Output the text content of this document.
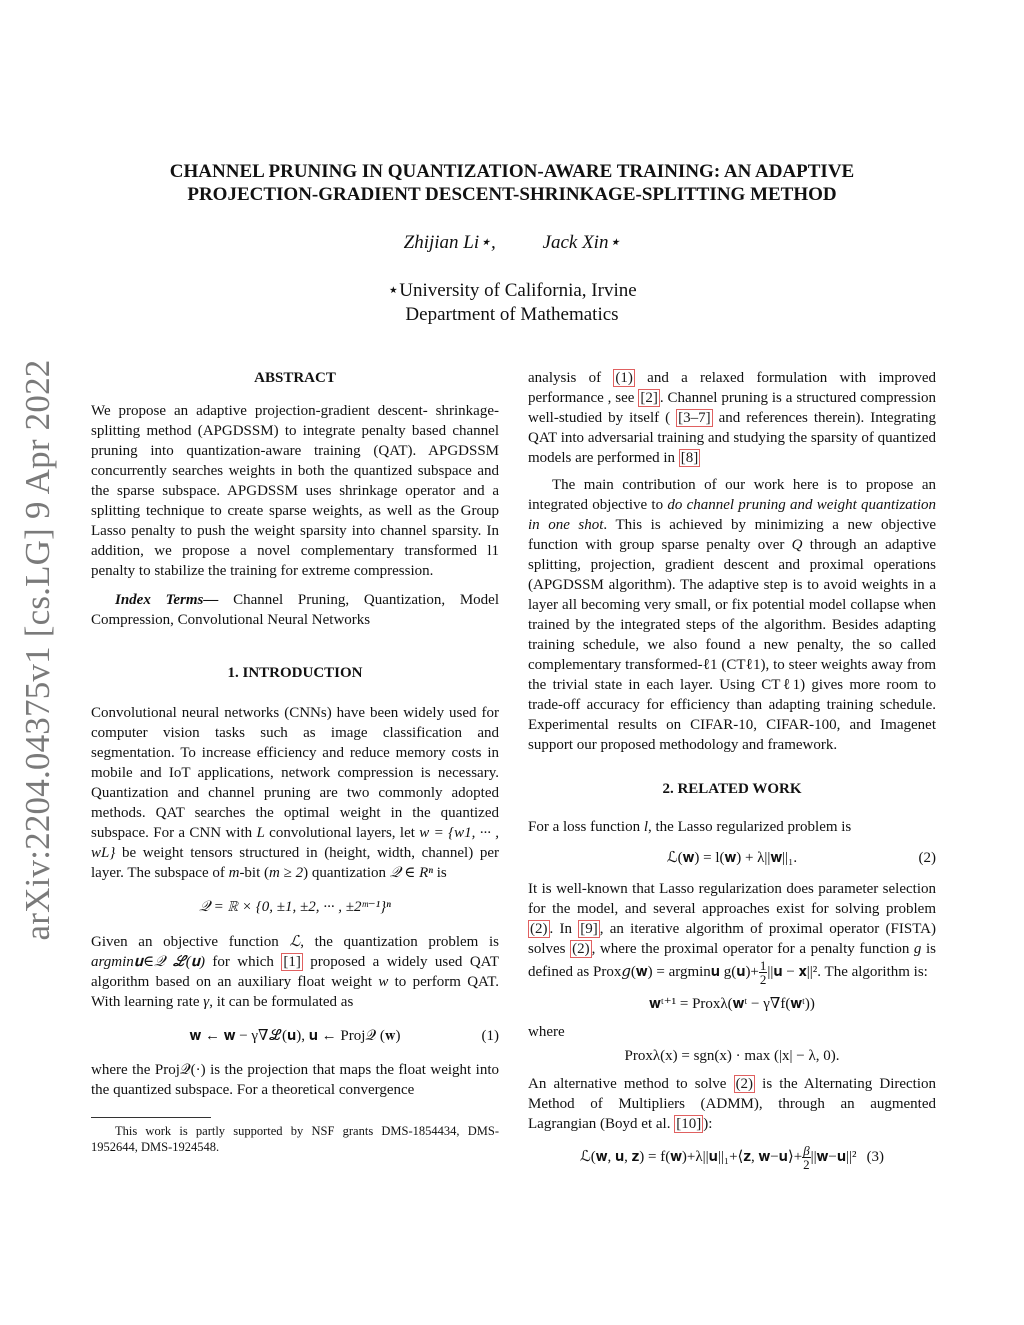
arXiv:2204.04375v1 [cs.LG] 9 Apr 2022
CHANNEL PRUNING IN QUANTIZATION-AWARE TRAINING: AN ADAPTIVE
PROJECTION-GRADIENT DESCENT-SHRINKAGE-SPLITTING METHOD
Zhijian Li⋆, Jack Xin⋆
⋆University of California, Irvine
Department of Mathematics
ABSTRACT

We propose an adaptive projection-gradient descent- shrinkage-splitting method (APGDSSM) to integrate penalty based channel pruning into quantization-aware training (QAT). APGDSSM concurrently searches weights in both the quantized subspace and the sparse subspace. APGDSSM uses shrinkage operator and a splitting technique to create sparse weights, as well as the Group Lasso penalty to push the weight sparsity into channel sparsity. In addition, we propose a novel complementary transformed l1 penalty to stabilize the training for extreme compression.

Index Terms— Channel Pruning, Quantization, Model Compression, Convolutional Neural Networks

1. INTRODUCTION

Convolutional neural networks (CNNs) have been widely used for computer vision tasks such as image classification and segmentation. To increase efficiency and reduce memory costs in mobile and IoT applications, network compression is necessary. Quantization and channel pruning are two commonly adopted methods. QAT searches the optimal weight in the quantized subspace. For a CNN with L convolutional layers, let w = {w1, ··· , wL} be weight tensors structured in (height, width, channel) per layer. The subspace of m-bit (m ≥ 2) quantization 𝒬 ∈ Rⁿ is

𝒬 = ℝ × {0, ±1, ±2, ··· , ±2ᵐ⁻¹}ⁿ

Given an objective function ℒ, the quantization problem is argmin𝐮∈𝒬 ℒ(𝐮) for which [1] proposed a widely used QAT algorithm based on an auxiliary float weight w to perform QAT. With learning rate γ, it can be formulated as

𝐰 ← 𝐰 − γ∇ℒ(𝐮), 𝐮 ← Proj𝒬 (𝐰)	(1)

where the Proj𝒬(·) is the projection that maps the float weight into the quantized subspace. For a theoretical convergence

This work is partly supported by NSF grants DMS-1854434, DMS-1952644, DMS-1924548.

analysis of (1) and a relaxed formulation with improved performance , see [2] . Channel pruning is a structured compression well-studied by itself ( [3–7] and references therein). Integrating QAT into adversarial training and studying the sparsity of quantized models are performed in [8]

The main contribution of our work here is to propose an integrated objective to do channel pruning and weight quantization in one shot. This is achieved by minimizing a new objective function with group sparse penalty over Q through an adaptive splitting, projection, gradient descent and proximal operations (APGDSSM algorithm). The adaptive step is to avoid weights in a layer all becoming very small, or fix potential model collapse when trained by the integrated steps of the algorithm. Besides adapting training schedule, we also found a new penalty, the so called complementary transformed-ℓ1 (CTℓ1), to steer weights away from the trivial state in each layer. Using CTℓ1) gives more room to trade-off accuracy for efficiency than adapting training schedule. Experimental results on CIFAR-10, CIFAR-100, and Imagenet support our proposed methodology and framework.

2. RELATED WORK

For a loss function l, the Lasso regularized problem is

ℒ(𝐰) = l(𝐰) + λ||𝐰||₁.	(2)

It is well-known that Lasso regularization does parameter selection for the model, and several approaches exist for solving problem (2) . In [9] , an iterative algorithm of proximal operator (FISTA) solves (2) , where the proximal operator for a penalty function g is defined as Prox𝑔(𝐰) = argmin𝐮 g(𝐮)+ $\frac{1}{2}$ ||𝐮 − 𝐱||². The algorithm is:

𝐰ᵗ⁺¹ = Proxλ(𝐰ᵗ − γ∇f(𝐰ᵗ))

where

Proxλ(x) = sgn(x) · max (|x| − λ, 0).

An alternative method to solve (2) is the Alternating Direction Method of Multipliers (ADMM), through an augmented Lagrangian (Boyd et al. [10] ):

ℒ(𝐰, 𝐮, 𝐳) = f(𝐰)+λ||𝐮||₁+⟨𝐳, 𝐰−𝐮⟩+ $\frac{\beta}{2}$ ||𝐰−𝐮||² (3)
